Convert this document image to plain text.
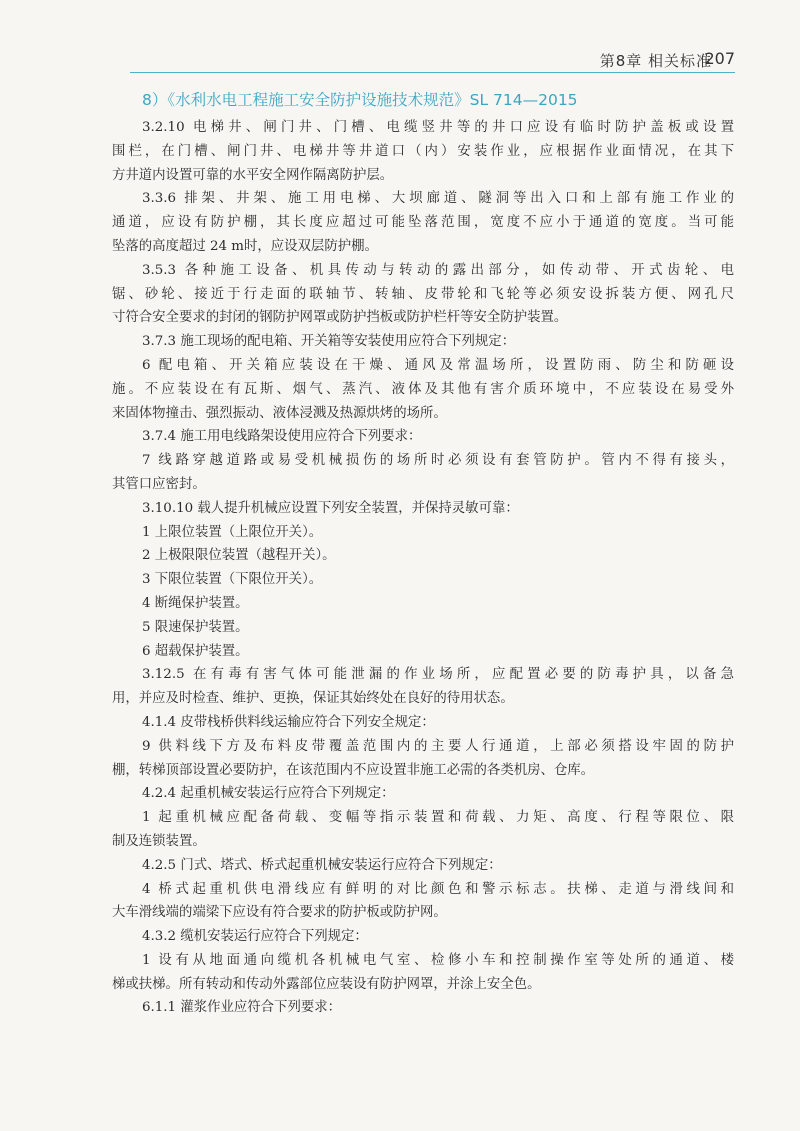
第8章 相关标准
207
8）《水利水电工程施工安全防护设施技术规范》SL 714—2015
3.2.10 电梯井、闸门井、门槽、电缆竖井等的井口应设有临时防护盖板或设置
围栏，在门槽、闸门井、电梯井等井道口（内）安装作业，应根据作业面情况，在其下
方井道内设置可靠的水平安全网作隔离防护层。
3.3.6 排架、井架、施工用电梯、大坝廊道、隧洞等出入口和上部有施工作业的
通道，应设有防护棚，其长度应超过可能坠落范围，宽度不应小于通道的宽度。当可能
坠落的高度超过 24 m时，应设双层防护棚。
3.5.3 各种施工设备、机具传动与转动的露出部分，如传动带、开式齿轮、电
锯、砂轮、接近于行走面的联轴节、转轴、皮带轮和飞轮等必须安设拆装方便、网孔尺
寸符合安全要求的封闭的钢防护网罩或防护挡板或防护栏杆等安全防护装置。
3.7.3 施工现场的配电箱、开关箱等安装使用应符合下列规定：
6 配电箱、开关箱应装设在干燥、通风及常温场所，设置防雨、防尘和防砸设
施。不应装设在有瓦斯、烟气、蒸汽、液体及其他有害介质环境中，不应装设在易受外
来固体物撞击、强烈振动、液体浸溅及热源烘烤的场所。
3.7.4 施工用电线路架设使用应符合下列要求：
7 线路穿越道路或易受机械损伤的场所时必须设有套管防护。管内不得有接头，
其管口应密封。
3.10.10 载人提升机械应设置下列安全装置，并保持灵敏可靠：
1 上限位装置（上限位开关）。
2 上极限限位装置（越程开关）。
3 下限位装置（下限位开关）。
4 断绳保护装置。
5 限速保护装置。
6 超载保护装置。
3.12.5 在有毒有害气体可能泄漏的作业场所，应配置必要的防毒护具，以备急
用，并应及时检查、维护、更换，保证其始终处在良好的待用状态。
4.1.4 皮带栈桥供料线运输应符合下列安全规定：
9 供料线下方及布料皮带覆盖范围内的主要人行通道，上部必须搭设牢固的防护
棚，转梯顶部设置必要防护，在该范围内不应设置非施工必需的各类机房、仓库。
4.2.4 起重机械安装运行应符合下列规定：
1 起重机械应配备荷载、变幅等指示装置和荷载、力矩、高度、行程等限位、限
制及连锁装置。
4.2.5 门式、塔式、桥式起重机械安装运行应符合下列规定：
4 桥式起重机供电滑线应有鲜明的对比颜色和警示标志。扶梯、走道与滑线间和
大车滑线端的端梁下应设有符合要求的防护板或防护网。
4.3.2 缆机安装运行应符合下列规定：
1 设有从地面通向缆机各机械电气室、检修小车和控制操作室等处所的通道、楼
梯或扶梯。所有转动和传动外露部位应装设有防护网罩，并涂上安全色。
6.1.1 灌浆作业应符合下列要求：
